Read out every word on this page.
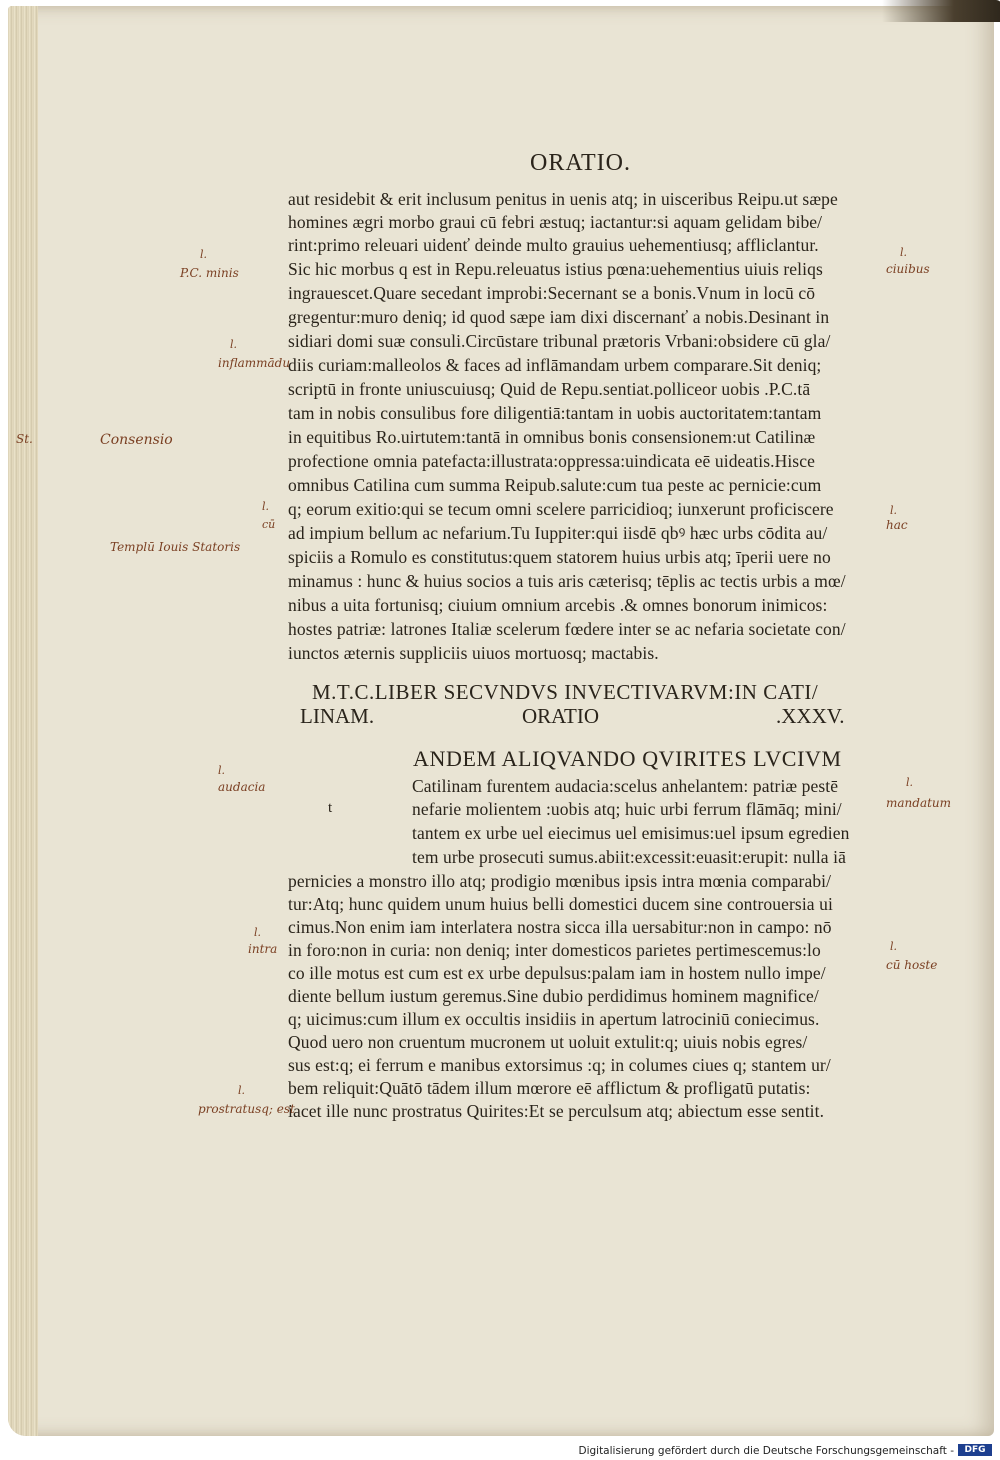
ORATIO.
aut residebit & erit inclusum penitus in uenis atq; in uisceribus Reipu.ut sæpe
homines ægri morbo graui cū febri æstuq; iactantur:si aquam gelidam bibe/
rint:primo releuari uidenť deinde multo grauius uehementiusq; affliclantur.
Sic hic morbus q est in Repu.releuatus istius pœna:uehementius uiuis reliqs
ingrauescet.Quare secedant improbi:Secernant se a bonis.Vnum in locū cō
gregentur:muro deniq; id quod sæpe iam dixi discernanť a nobis.Desinant in
sidiari domi suæ consuli.Circūstare tribunal prætoris Vrbani:obsidere cū gla/
diis curiam:malleolos & faces ad inflāmandam urbem comparare.Sit deniq;
scriptū in fronte uniuscuiusq; Quid de Repu.sentiat.polliceor uobis .P.C.tā
tam in nobis consulibus fore diligentiā:tantam in uobis auctoritatem:tantam
in equitibus Ro.uirtutem:tantā in omnibus bonis consensionem:ut Catilinæ
profectione omnia patefacta:illustrata:oppressa:uindicata eē uideatis.Hisce
omnibus Catilina cum summa Reipub.salute:cum tua peste ac pernicie:cum
q; eorum exitio:qui se tecum omni scelere parricidioq; iunxerunt proficiscere
ad impium bellum ac nefarium.Tu Iuppiter:qui iisdē qbꝰ hæc urbs cōdita au/
spiciis a Romulo es constitutus:quem statorem huius urbis atq; īperii uere no
minamus : hunc & huius socios a tuis aris cæterisq; tēplis ac tectis urbis a mœ/
nibus a uita fortunisq; ciuium omnium arcebis .& omnes bonorum inimicos:
hostes patriæ: latrones Italiæ scelerum fœdere inter se ac nefaria societate con/
iunctos æternis suppliciis uiuos mortuosq; mactabis.
M.T.C.LIBER SECVNDVS INVECTIVARVM:IN CATI/
LINAM.	ORATIO	.XXXV.
ANDEM ALIQVANDO QVIRITES LVCIVM
t
Catilinam furentem audacia:scelus anhelantem: patriæ pestē
nefarie molientem :uobis atq; huic urbi ferrum flāmāq; mini/
tantem ex urbe uel eiecimus uel emisimus:uel ipsum egredien
tem urbe prosecuti sumus.abiit:excessit:euasit:erupit: nulla iā
pernicies a monstro illo atq; prodigio mœnibus ipsis intra mœnia comparabi/
tur:Atq; hunc quidem unum huius belli domestici ducem sine controuersia ui
cimus.Non enim iam interlatera nostra sicca illa uersabitur:non in campo: nō
in foro:non in curia: non deniq; inter domesticos parietes pertimescemus:lo
co ille motus est cum est ex urbe depulsus:palam iam in hostem nullo impe/
diente bellum iustum geremus.Sine dubio perdidimus hominem magnifice/
q; uicimus:cum illum ex occultis insidiis in apertum latrociniū coniecimus.
Quod uero non cruentum mucronem ut uoluit extulit:q; uiuis nobis egres/
sus est:q; ei ferrum e manibus extorsimus :q; in columes ciues q; stantem ur/
bem reliquit:Quātō tādem illum mœrore eē afflictum & profligatū putatis:
iacet ille nunc prostratus Quirites:Et se perculsum atq; abiectum esse sentit.
l.
P.C. minis
l.
inflammādu
St.	Consensio
l.
cū
Templū Iouis Statoris
l.
audacia
l.
intra
l.
prostratusq; est
l.
ciuibus
l.
hac
l.
mandatum
l.
cū hoste
Digitalisierung gefördert durch die Deutsche Forschungsgemeinschaft -	DFG
